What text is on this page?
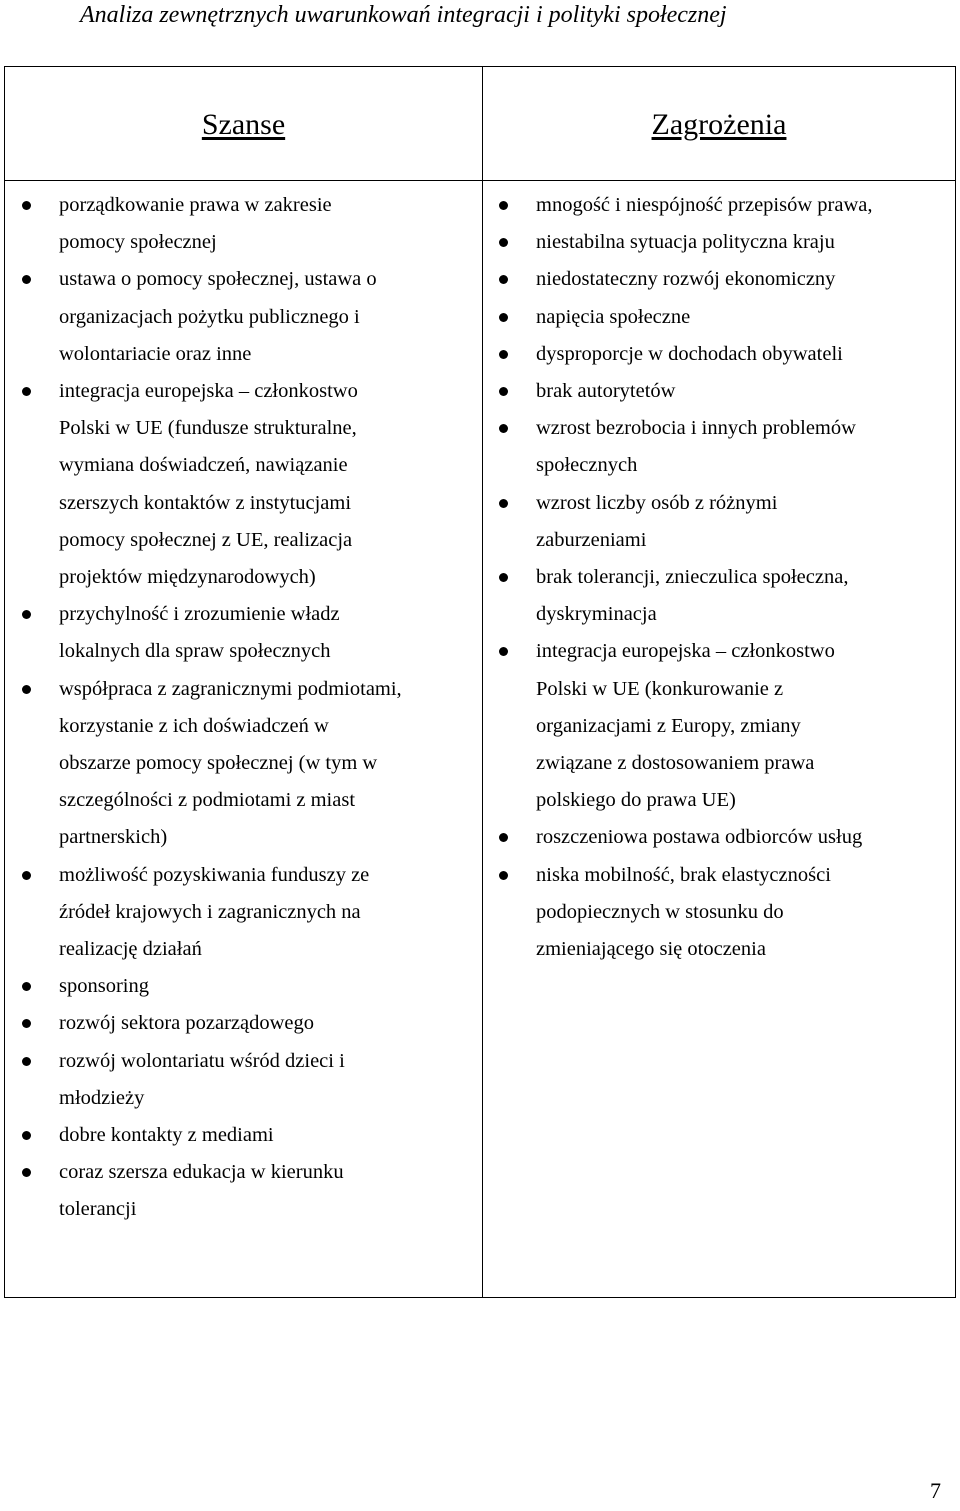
Analiza zewnętrznych uwarunkowań integracji i polityki społecznej
Szanse	Zagrożenia
porządkowanie prawa w zakresie
pomocy społecznej
ustawa o pomocy społecznej, ustawa o
organizacjach pożytku publicznego i
wolontariacie oraz inne
integracja europejska – członkostwo
Polski w UE (fundusze strukturalne,
wymiana doświadczeń, nawiązanie
szerszych kontaktów z instytucjami
pomocy społecznej z UE, realizacja
projektów międzynarodowych)
przychylność i zrozumienie władz
lokalnych dla spraw społecznych
współpraca z zagranicznymi podmiotami,
korzystanie z ich doświadczeń w
obszarze pomocy społecznej (w tym w
szczególności z podmiotami z miast
partnerskich)
możliwość pozyskiwania funduszy ze
źródeł krajowych i zagranicznych na
realizację działań
sponsoring
rozwój sektora pozarządowego
rozwój wolontariatu wśród dzieci i
młodzieży
dobre kontakty z mediami
coraz szersza edukacja w kierunku
tolerancji
mnogość i niespójność przepisów prawa,
niestabilna sytuacja polityczna kraju
niedostateczny rozwój ekonomiczny
napięcia społeczne
dysproporcje w dochodach obywateli
brak autorytetów
wzrost bezrobocia i innych problemów
społecznych
wzrost liczby osób z różnymi
zaburzeniami
brak tolerancji, znieczulica społeczna,
dyskryminacja
integracja europejska – członkostwo
Polski w UE (konkurowanie z
organizacjami z Europy, zmiany
związane z dostosowaniem prawa
polskiego do prawa UE)
roszczeniowa postawa odbiorców usług
niska mobilność, brak elastyczności
podopiecznych w stosunku do
zmieniającego się otoczenia
7
